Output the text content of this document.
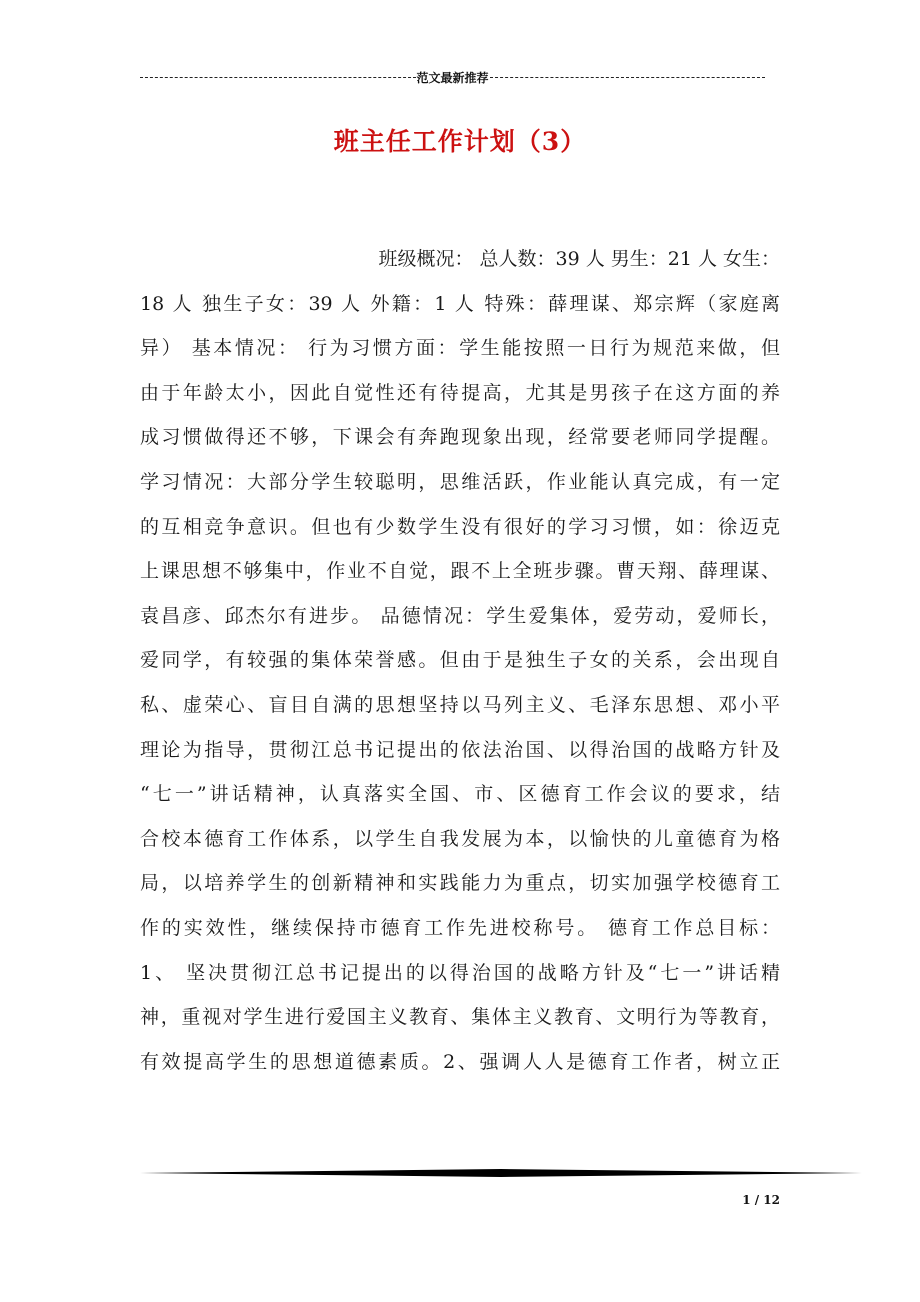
范文最新推荐
班主任工作计划（3）
班级概况： 总人数：39 人 男生：21 人 女生：
18 人 独生子女：39 人 外籍：1 人 特殊：薛理谋、郑宗辉（家庭离
异） 基本情况： 行为习惯方面：学生能按照一日行为规范来做，但
由于年龄太小，因此自觉性还有待提高，尤其是男孩子在这方面的养
成习惯做得还不够，下课会有奔跑现象出现，经常要老师同学提醒。
学习情况：大部分学生较聪明，思维活跃，作业能认真完成，有一定
的互相竞争意识。但也有少数学生没有很好的学习习惯，如：徐迈克
上课思想不够集中，作业不自觉，跟不上全班步骤。曹天翔、薛理谋、
袁昌彦、邱杰尔有进步。 品德情况：学生爱集体，爱劳动，爱师长，
爱同学，有较强的集体荣誉感。但由于是独生子女的关系，会出现自
私、虚荣心、盲目自满的思想坚持以马列主义、毛泽东思想、邓小平
理论为指导，贯彻江总书记提出的依法治国、以得治国的战略方针及
“七一”讲话精神，认真落实全国、市、区德育工作会议的要求，结
合校本德育工作体系，以学生自我发展为本，以愉快的儿童德育为格
局，以培养学生的创新精神和实践能力为重点，切实加强学校德育工
作的实效性，继续保持市德育工作先进校称号。 德育工作总目标：
1、 坚决贯彻江总书记提出的以得治国的战略方针及“七一”讲话精
神，重视对学生进行爱国主义教育、集体主义教育、文明行为等教育，
有效提高学生的思想道德素质。2、强调人人是德育工作者，树立正
1 / 12
